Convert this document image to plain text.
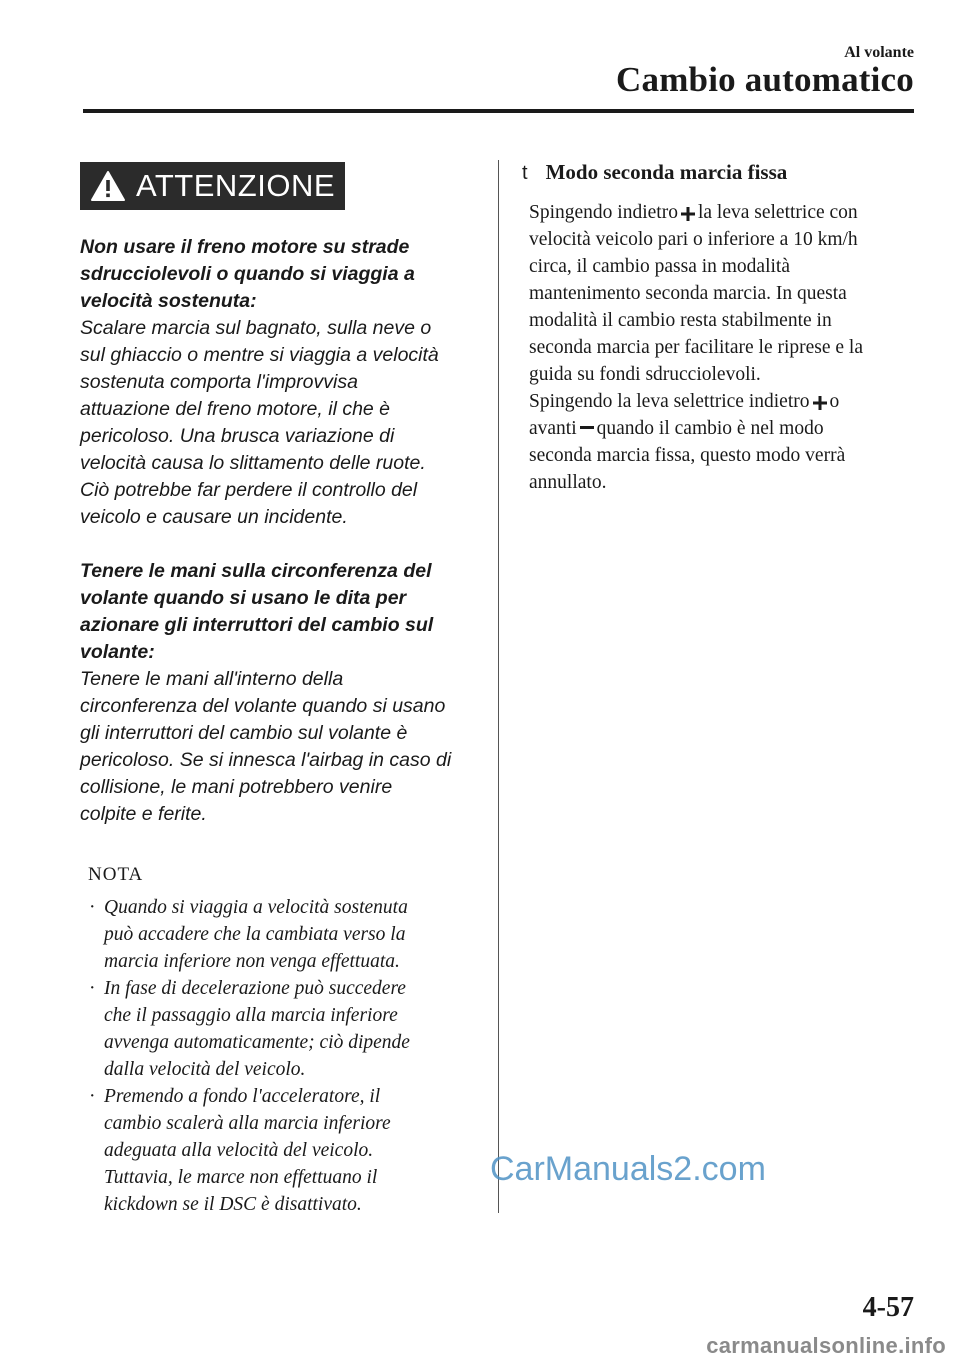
Al volante
Cambio automatico
ATTENZIONE

Non usare il freno motore su strade

sdrucciolevoli o quando si viaggia a

velocità sostenuta:

Scalare marcia sul bagnato, sulla neve o

sul ghiaccio o mentre si viaggia a velocità

sostenuta comporta l'improvvisa

attuazione del freno motore, il che è

pericoloso. Una brusca variazione di

velocità causa lo slittamento delle ruote.

Ciò potrebbe far perdere il controllo del

veicolo e causare un incidente.

Tenere le mani sulla circonferenza del

volante quando si usano le dita per

azionare gli interruttori del cambio sul

volante:

Tenere le mani all'interno della

circonferenza del volante quando si usano

gli interruttori del cambio sul volante è

pericoloso. Se si innesca l'airbag in caso di

collisione, le mani potrebbero venire

colpite e ferite.

NOTA
· Quando si viaggia a velocità sostenuta
può accadere che la cambiata verso la
marcia inferiore non venga effettuata.
· In fase di decelerazione può succedere
che il passaggio alla marcia inferiore
avvenga automaticamente; ciò dipende
dalla velocità del veicolo.
· Premendo a fondo l'acceleratore, il
cambio scalerà alla marcia inferiore
adeguata alla velocità del veicolo.
Tuttavia, le marce non effettuano il
kickdown se il DSC è disattivato.
t Modo seconda marcia fissa
Spingendo indietro la leva selettrice con
velocità veicolo pari o inferiore a 10 km/h
circa, il cambio passa in modalità
mantenimento seconda marcia. In questa
modalità il cambio resta stabilmente in
seconda marcia per facilitare le riprese e la
guida su fondi sdrucciolevoli.
Spingendo la leva selettrice indietro o
avanti quando il cambio è nel modo
seconda marcia fissa, questo modo verrà
annullato.
CarManuals2.com
4-57
carmanualsonline.info
